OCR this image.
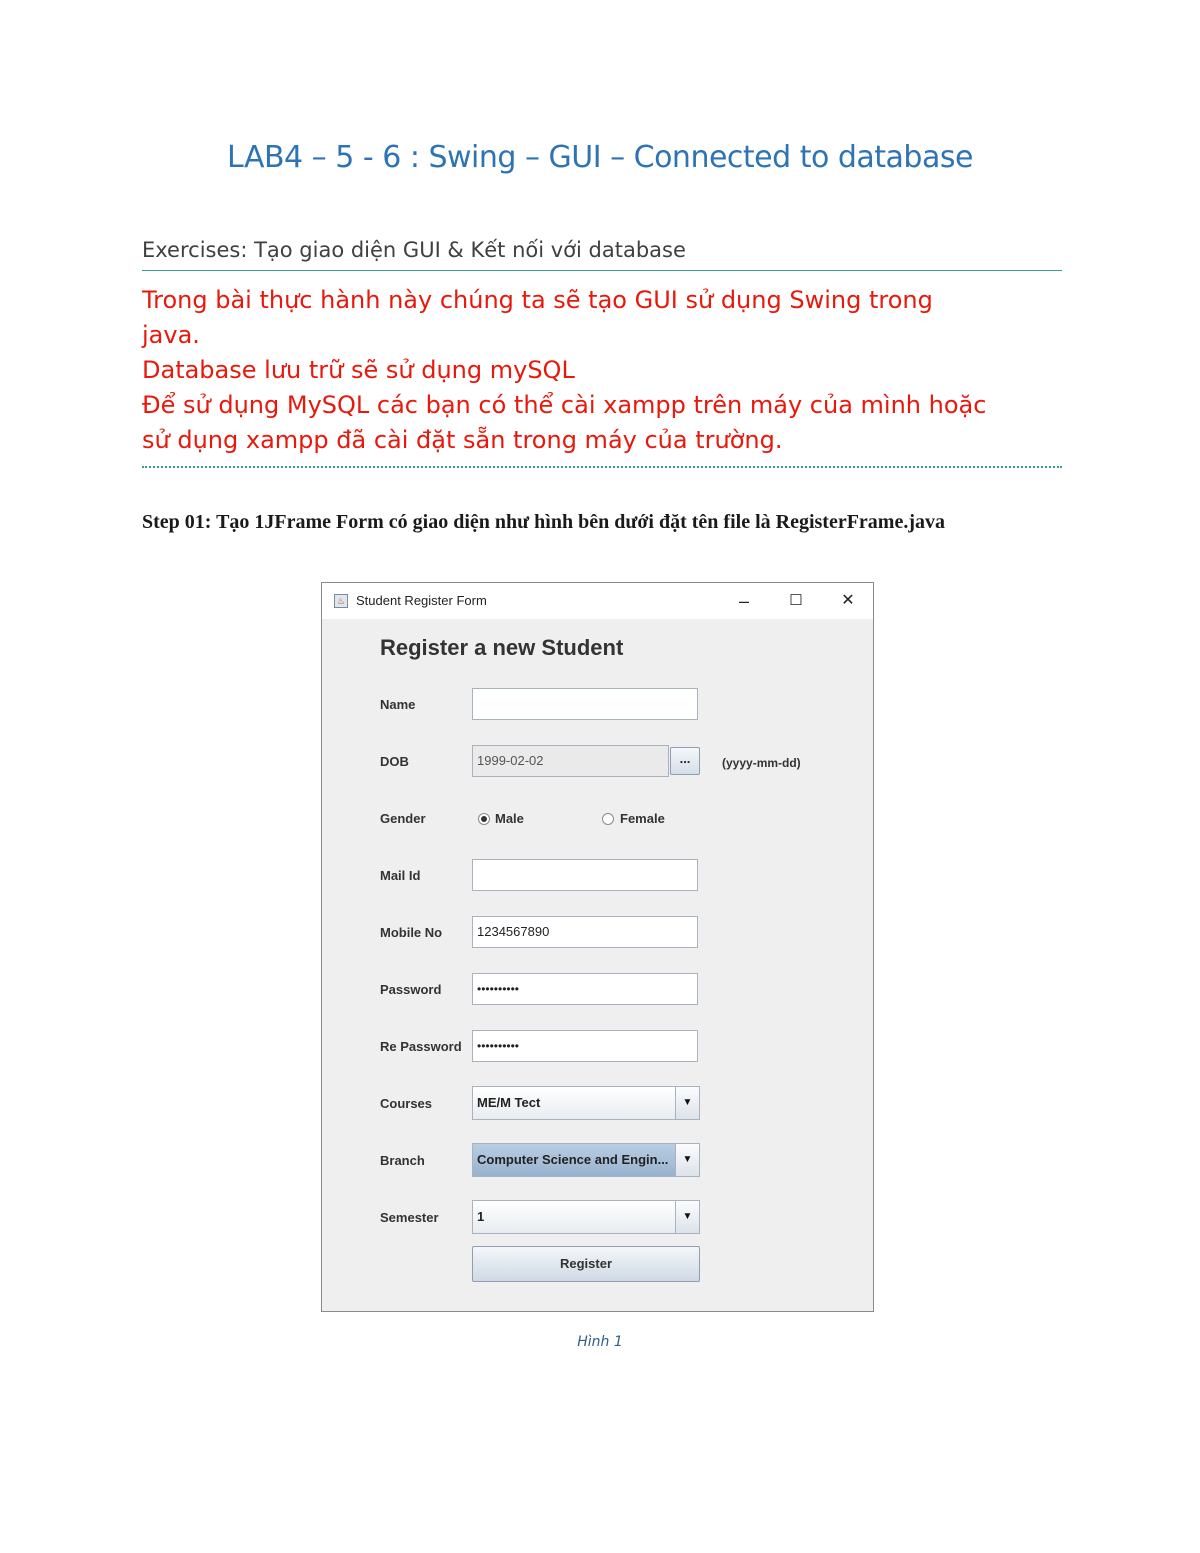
LAB4 – 5 - 6 : Swing – GUI – Connected to database
Exercises: Tạo giao diện GUI & Kết nối với database
Trong bài thực hành này chúng ta sẽ tạo GUI sử dụng Swing trong
java.
Database lưu trữ sẽ sử dụng mySQL
Để sử dụng MySQL các bạn có thể cài xampp trên máy của mình hoặc
sử dụng xampp đã cài đặt sẵn trong máy của trường.
Step 01: Tạo 1JFrame Form có giao diện như hình bên dưới đặt tên file là RegisterFrame.java
♨ Student Register Form	–	☐	✕
Register a new Student
Name
DOB	1999-02-02	...	(yyyy-mm-dd)
Gender	Male	Female
Mail Id
Mobile No	1234567890
Password	••••••••••
Re Password	••••••••••
Courses	ME/M Tect	▼
Branch	Computer Science and Engin...	▼
Semester	1	▼
Register
Hình 1
